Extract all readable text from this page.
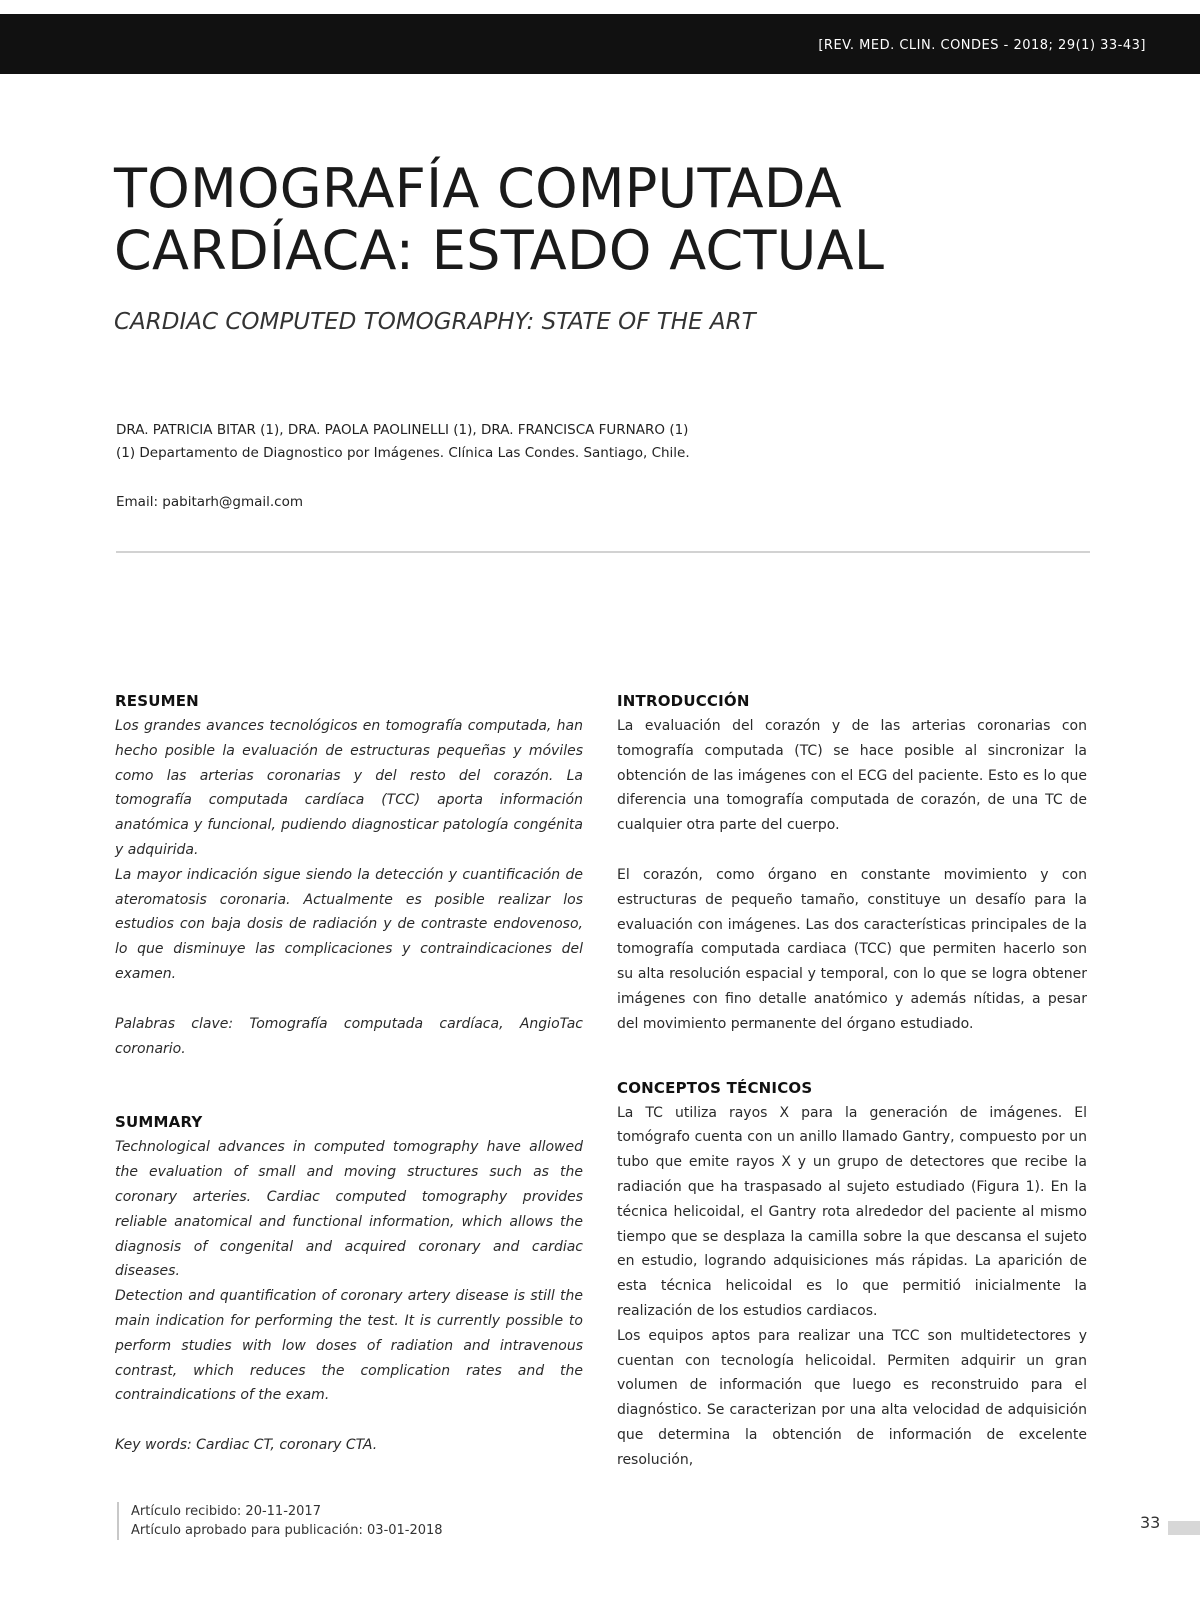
[REV. MED. CLIN. CONDES - 2018; 29(1) 33-43]
TOMOGRAFÍA COMPUTADA CARDÍACA: ESTADO ACTUAL
CARDIAC COMPUTED TOMOGRAPHY: STATE OF THE ART
DRA. PATRICIA BITAR (1), DRA. PAOLA PAOLINELLI (1), DRA. FRANCISCA FURNARO (1)
(1) Departamento de Diagnostico por Imágenes. Clínica Las Condes. Santiago, Chile.
Email: pabitarh@gmail.com
RESUMEN

Los grandes avances tecnológicos en tomografía computada, han hecho posible la evaluación de estructuras pequeñas y móviles como las arterias coronarias y del resto del corazón. La tomografía computada cardíaca (TCC) aporta información anatómica y funcional, pudiendo diagnosticar patología congénita y adquirida.

La mayor indicación sigue siendo la detección y cuantificación de ateromatosis coronaria. Actualmente es posible realizar los estudios con baja dosis de radiación y de contraste endovenoso, lo que disminuye las complicaciones y contraindicaciones del examen.

Palabras clave: Tomografía computada cardíaca, AngioTac coronario.

SUMMARY

Technological advances in computed tomography have allowed the evaluation of small and moving structures such as the coronary arteries. Cardiac computed tomography provides reliable anatomical and functional information, which allows the diagnosis of congenital and acquired coronary and cardiac diseases.

Detection and quantification of coronary artery disease is still the main indication for performing the test. It is currently possible to perform studies with low doses of radiation and intravenous contrast, which reduces the complication rates and the contraindications of the exam.

Key words: Cardiac CT, coronary CTA.

INTRODUCCIÓN

La evaluación del corazón y de las arterias coronarias con tomografía computada (TC) se hace posible al sincronizar la obtención de las imágenes con el ECG del paciente. Esto es lo que diferencia una tomografía computada de corazón, de una TC de cualquier otra parte del cuerpo.

El corazón, como órgano en constante movimiento y con estructuras de pequeño tamaño, constituye un desafío para la evaluación con imágenes. Las dos características principales de la tomografía computada cardiaca (TCC) que permiten hacerlo son su alta resolución espacial y temporal, con lo que se logra obtener imágenes con fino detalle anatómico y además nítidas, a pesar del movimiento permanente del órgano estudiado.

CONCEPTOS TÉCNICOS

La TC utiliza rayos X para la generación de imágenes. El tomógrafo cuenta con un anillo llamado Gantry, compuesto por un tubo que emite rayos X y un grupo de detectores que recibe la radiación que ha traspasado al sujeto estudiado (Figura 1). En la técnica helicoidal, el Gantry rota alrededor del paciente al mismo tiempo que se desplaza la camilla sobre la que descansa el sujeto en estudio, logrando adquisiciones más rápidas. La aparición de esta técnica helicoidal es lo que permitió inicialmente la realización de los estudios cardiacos.

Los equipos aptos para realizar una TCC son multidetectores y cuentan con tecnología helicoidal. Permiten adquirir un gran volumen de información que luego es reconstruido para el diagnóstico. Se caracterizan por una alta velocidad de adquisición que determina la obtención de información de excelente resolución,

Artículo recibido: 20-11-2017
Artículo aprobado para publicación: 03-01-2018	33
